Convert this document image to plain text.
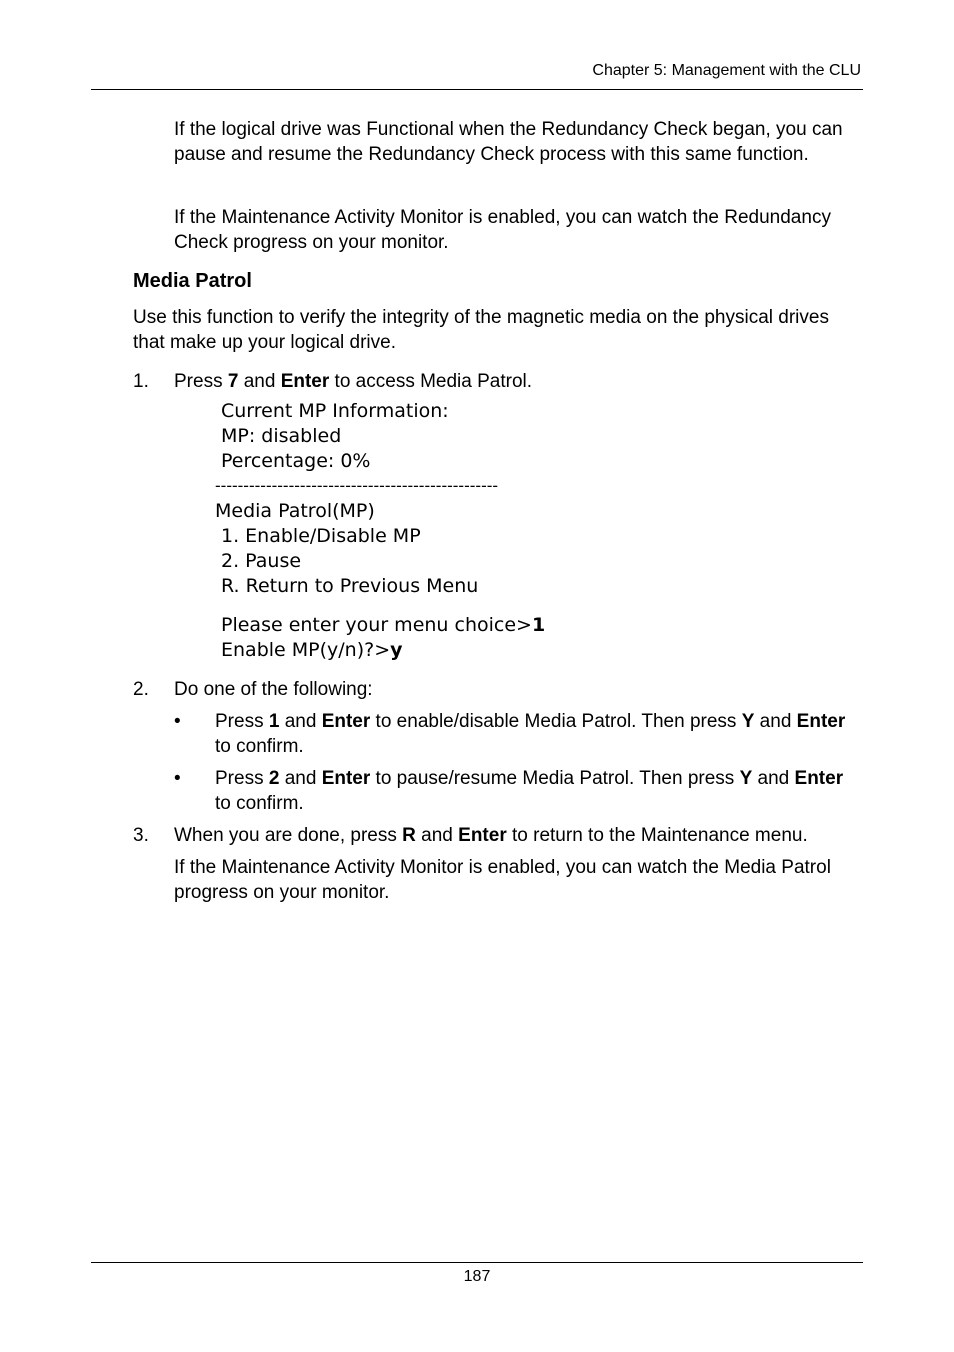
Chapter 5: Management with the CLU
If the logical drive was Functional when the Redundancy Check began, you can pause and resume the Redundancy Check process with this same function.
If the Maintenance Activity Monitor is enabled, you can watch the Redundancy Check progress on your monitor.
Media Patrol
Use this function to verify the integrity of the magnetic media on the physical drives that make up your logical drive.
1.	Press 7 and Enter to access Media Patrol.
Current MP Information:
MP: disabled
Percentage: 0%
--------------------------------------------------
Media Patrol(MP)
1. Enable/Disable MP
2. Pause
R. Return to Previous Menu
Please enter your menu choice>1
Enable MP(y/n)?>y
2.	Do one of the following:
•	Press 1 and Enter to enable/disable Media Patrol. Then press Y and Enter to confirm.
•	Press 2 and Enter to pause/resume Media Patrol. Then press Y and Enter to confirm.
3.	When you are done, press R and Enter to return to the Maintenance menu.
If the Maintenance Activity Monitor is enabled, you can watch the Media Patrol progress on your monitor.
187
